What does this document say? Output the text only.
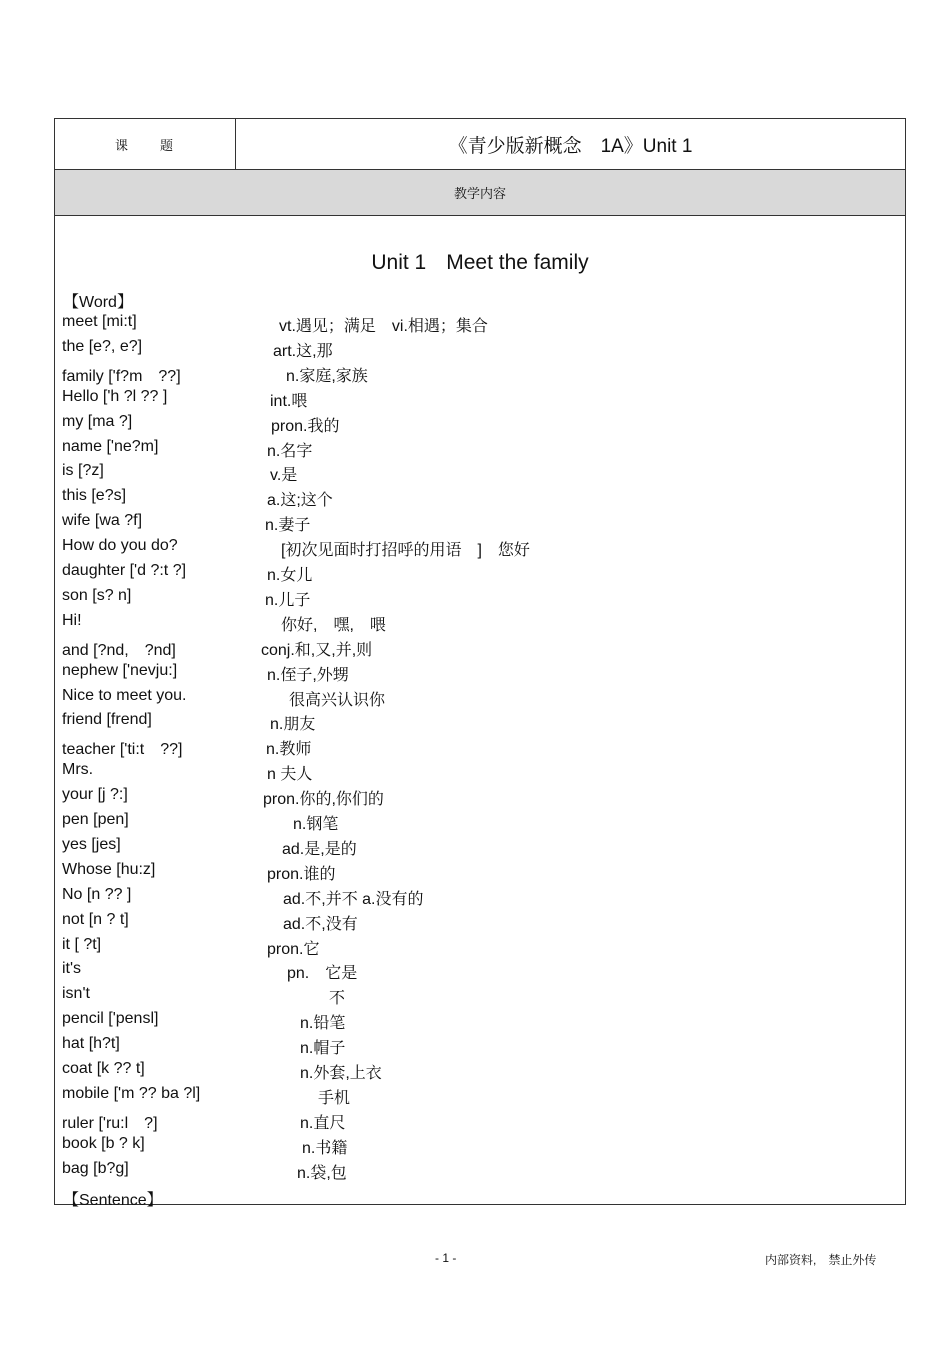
课　　题	《青少版新概念　1A》Unit 1
教学内容
Unit 1 Meet the family
【Word】
meet [mi:t]	vt.遇见；满足　vi.相遇；集合
the [e?, e?]	art.这,那
family ['f?m　??]	n.家庭,家族
Hello ['h ?l ?? ]	int.喂
my [ma ?]	pron.我的
name ['ne?m]	n.名字
is [?z]	v.是
this [e?s]	a.这;这个
wife [wa ?f]	n.妻子
How do you do?	[初次见面时打招呼的用语　]　您好
daughter ['d ?:t ?]	n.女儿
son [s? n]	n.儿子
Hi!	你好,　嘿,　喂
and [?nd,　?nd]	conj.和,又,并,则
nephew ['nevju:]	n.侄子,外甥
Nice to meet you.	很高兴认识你
friend [frend]	n.朋友
teacher ['ti:t　??]	n.教师
Mrs.	n 夫人
your [j ?:]	pron.你的,你们的
pen [pen]	n.钢笔
yes [jes]	ad.是,是的
Whose [hu:z]	pron.谁的
No [n ?? ]	ad.不,并不 a.没有的
not [n ? t]	ad.不,没有
it [ ?t]	pron.它
it's	pn.　它是
isn't	不
pencil ['pensl]	n.铅笔
hat [h?t]	n.帽子
coat [k ?? t]	n.外套,上衣
mobile ['m ?? ba ?l]	手机
ruler ['ru:l　?]	n.直尺
book [b ? k]	n.书籍
bag [b?g]	n.袋,包
【Sentence】
- 1 -	内部资料,　禁止外传
